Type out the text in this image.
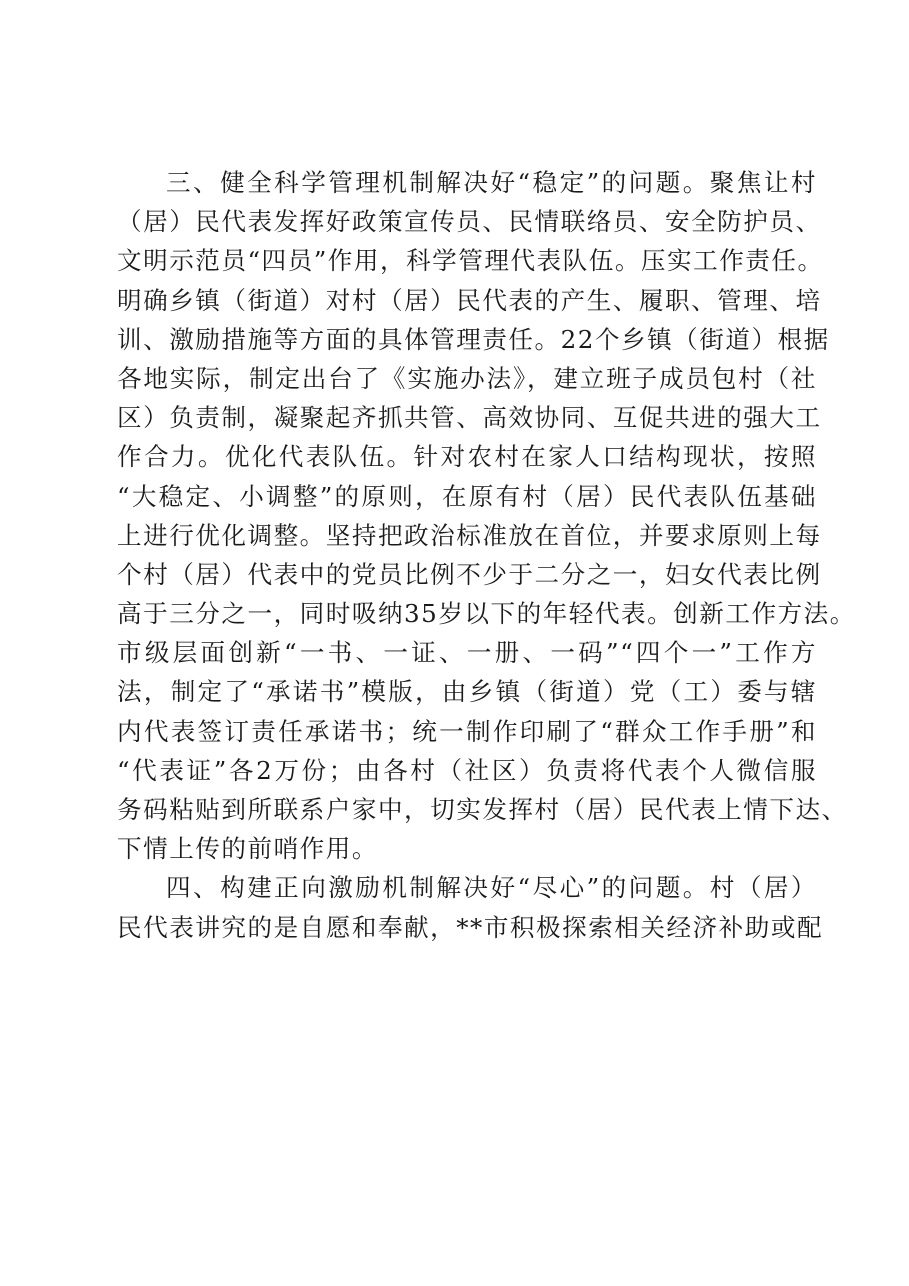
三、健全科学管理机制解决好“稳定”的问题。聚焦让村
（居）民代表发挥好政策宣传员、民情联络员、安全防护员、
文明示范员“四员”作用，科学管理代表队伍。压实工作责任。
明确乡镇（街道）对村（居）民代表的产生、履职、管理、培
训、激励措施等方面的具体管理责任。22个乡镇（街道）根据
各地实际，制定出台了《实施办法》，建立班子成员包村（社
区）负责制，凝聚起齐抓共管、高效协同、互促共进的强大工
作合力。优化代表队伍。针对农村在家人口结构现状，按照
“大稳定、小调整”的原则，在原有村（居）民代表队伍基础
上进行优化调整。坚持把政治标准放在首位，并要求原则上每
个村（居）代表中的党员比例不少于二分之一，妇女代表比例
高于三分之一，同时吸纳35岁以下的年轻代表。创新工作方法。
市级层面创新“一书、一证、一册、一码”“四个一”工作方
法，制定了“承诺书”模版，由乡镇（街道）党（工）委与辖
内代表签订责任承诺书；统一制作印刷了“群众工作手册”和
“代表证”各2万份；由各村（社区）负责将代表个人微信服
务码粘贴到所联系户家中，切实发挥村（居）民代表上情下达、
下情上传的前哨作用。

四、构建正向激励机制解决好“尽心”的问题。村（居）
民代表讲究的是自愿和奉献，**市积极探索相关经济补助或配
